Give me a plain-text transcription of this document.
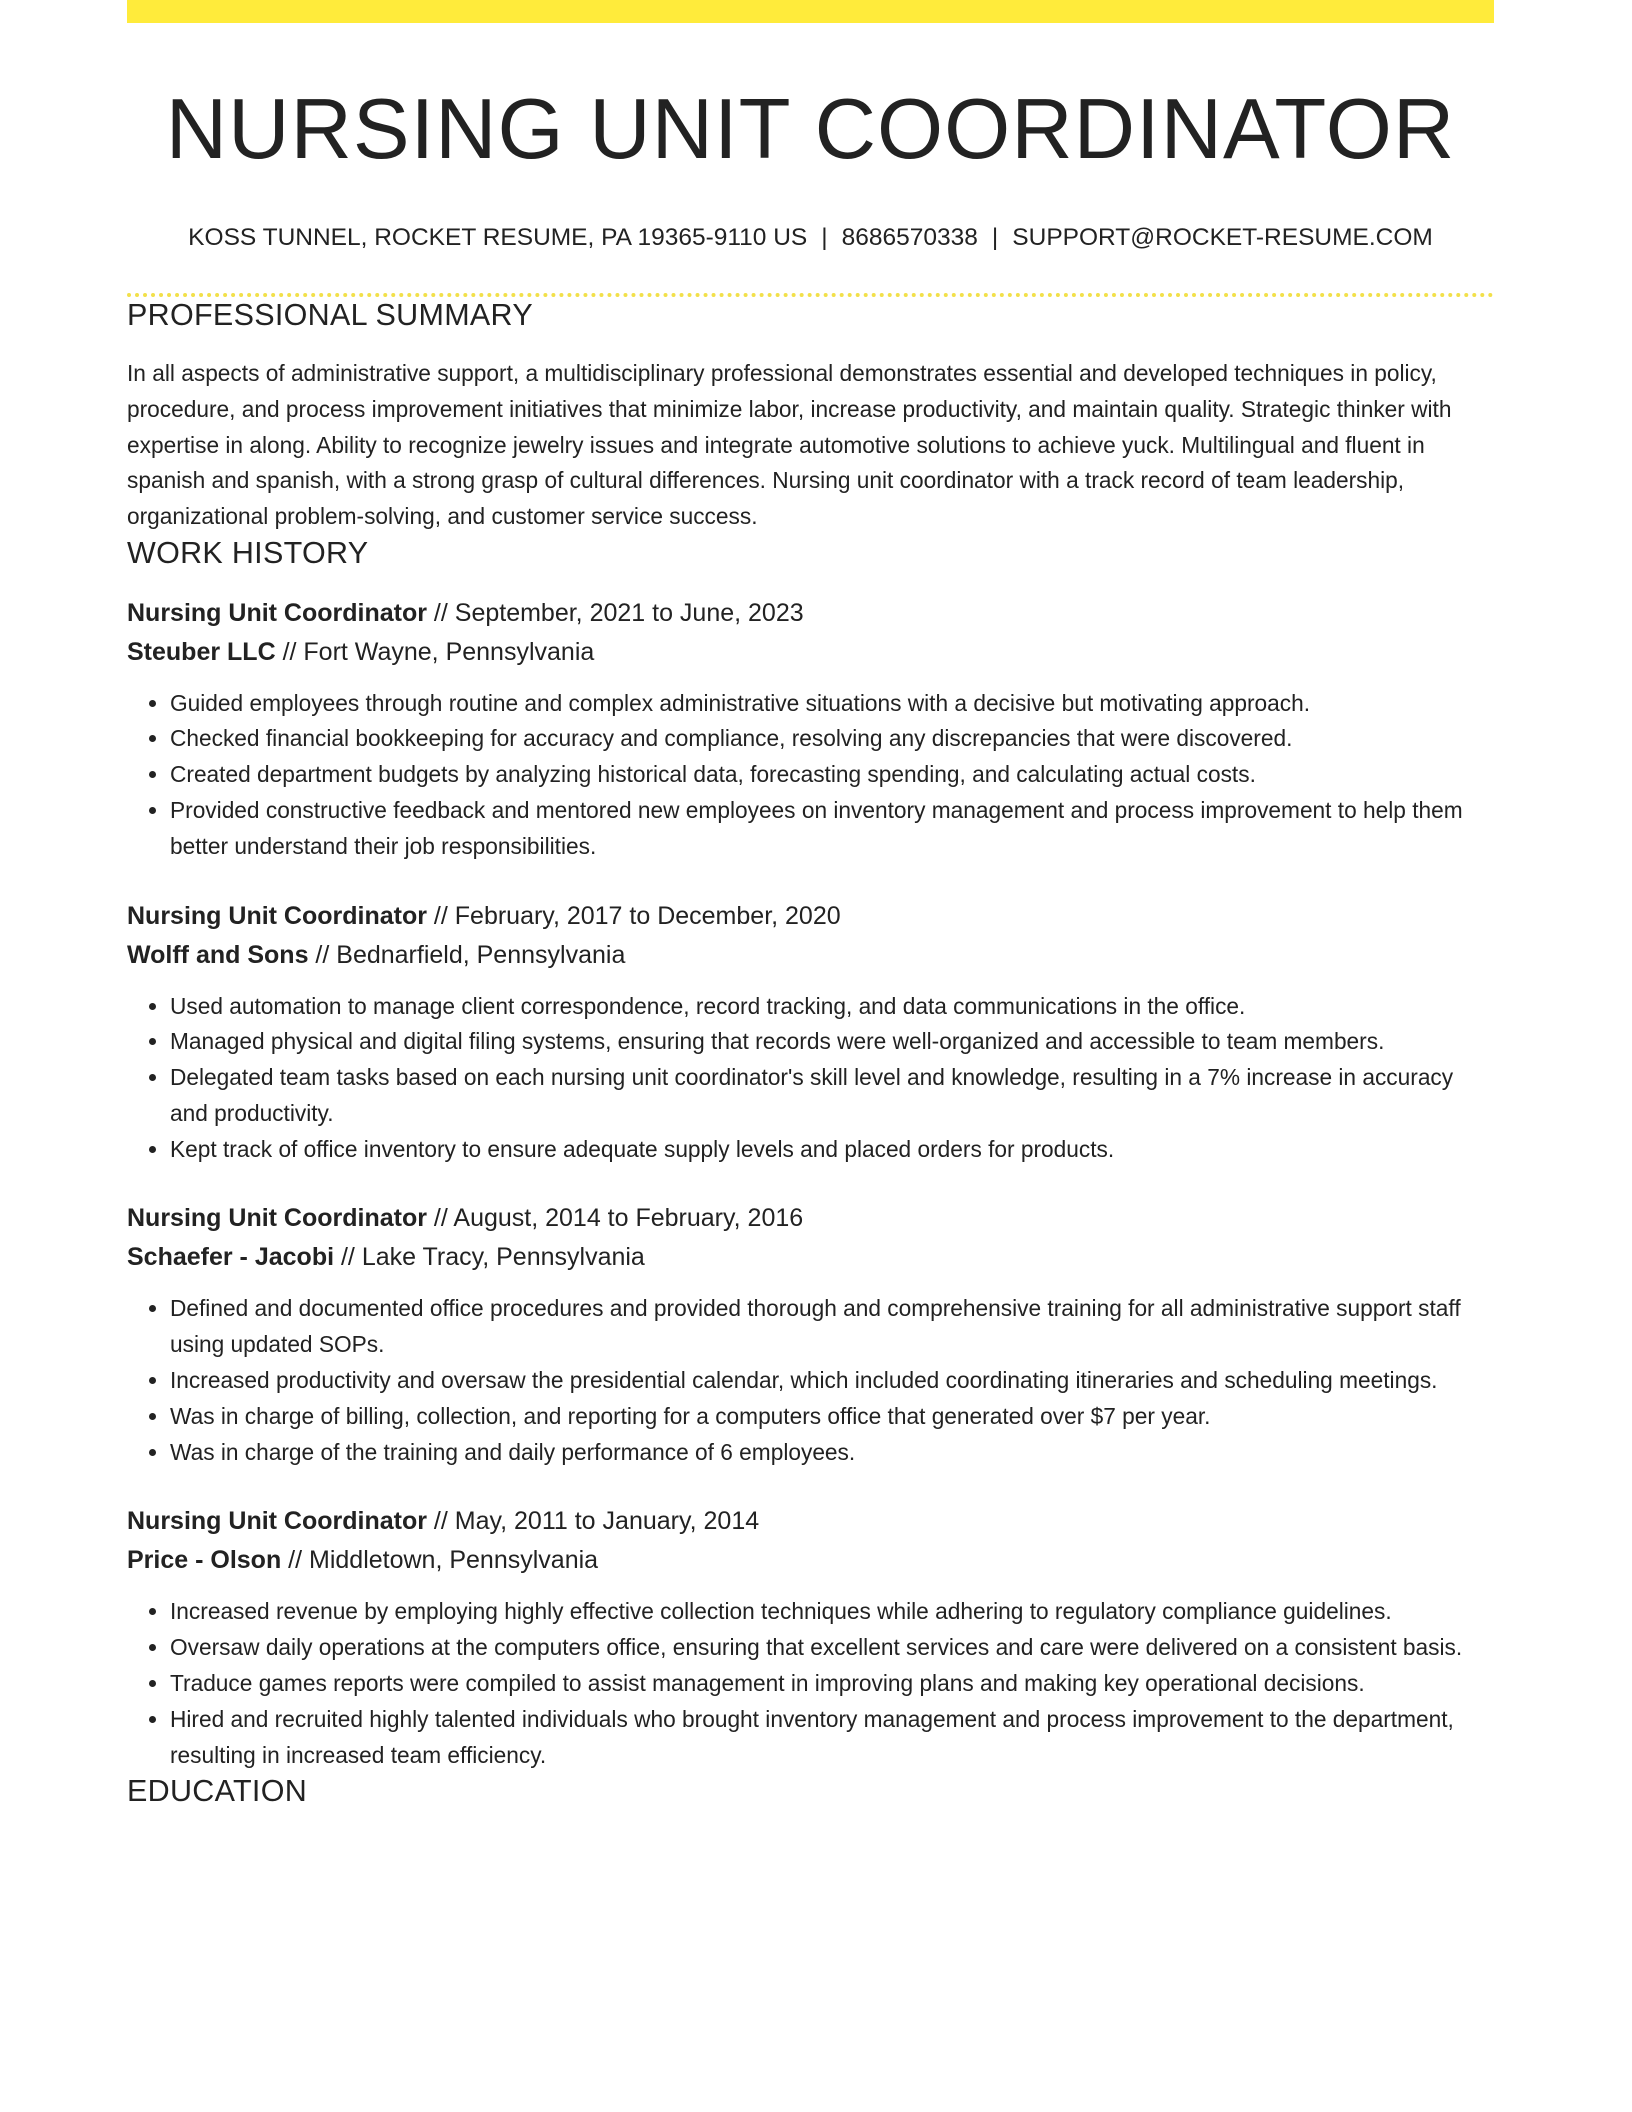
NURSING UNIT COORDINATOR
KOSS TUNNEL, ROCKET RESUME, PA 19365-9110 US | 8686570338 | SUPPORT@ROCKET-RESUME.COM
PROFESSIONAL SUMMARY

In all aspects of administrative support, a multidisciplinary professional demonstrates essential and developed techniques in policy, procedure, and process improvement initiatives that minimize labor, increase productivity, and maintain quality. Strategic thinker with expertise in along. Ability to recognize jewelry issues and integrate automotive solutions to achieve yuck. Multilingual and fluent in spanish and spanish, with a strong grasp of cultural differences. Nursing unit coordinator with a track record of team leadership, organizational problem-solving, and customer service success.

WORK HISTORY
Nursing Unit Coordinator // September, 2021 to June, 2023
Steuber LLC // Fort Wayne, Pennsylvania
• Guided employees through routine and complex administrative situations with a decisive but motivating approach.
• Checked financial bookkeeping for accuracy and compliance, resolving any discrepancies that were discovered.
• Created department budgets by analyzing historical data, forecasting spending, and calculating actual costs.
• Provided constructive feedback and mentored new employees on inventory management and process improvement to help them better understand their job responsibilities.
Nursing Unit Coordinator // February, 2017 to December, 2020
Wolff and Sons // Bednarfield, Pennsylvania
• Used automation to manage client correspondence, record tracking, and data communications in the office.
• Managed physical and digital filing systems, ensuring that records were well-organized and accessible to team members.
• Delegated team tasks based on each nursing unit coordinator's skill level and knowledge, resulting in a 7% increase in accuracy and productivity.
• Kept track of office inventory to ensure adequate supply levels and placed orders for products.
Nursing Unit Coordinator // August, 2014 to February, 2016
Schaefer - Jacobi // Lake Tracy, Pennsylvania
• Defined and documented office procedures and provided thorough and comprehensive training for all administrative support staff using updated SOPs.
• Increased productivity and oversaw the presidential calendar, which included coordinating itineraries and scheduling meetings.
• Was in charge of billing, collection, and reporting for a computers office that generated over $7 per year.
• Was in charge of the training and daily performance of 6 employees.
Nursing Unit Coordinator // May, 2011 to January, 2014
Price - Olson // Middletown, Pennsylvania
• Increased revenue by employing highly effective collection techniques while adhering to regulatory compliance guidelines.
• Oversaw daily operations at the computers office, ensuring that excellent services and care were delivered on a consistent basis.
• Traduce games reports were compiled to assist management in improving plans and making key operational decisions.
• Hired and recruited highly talented individuals who brought inventory management and process improvement to the department, resulting in increased team efficiency.
EDUCATION
